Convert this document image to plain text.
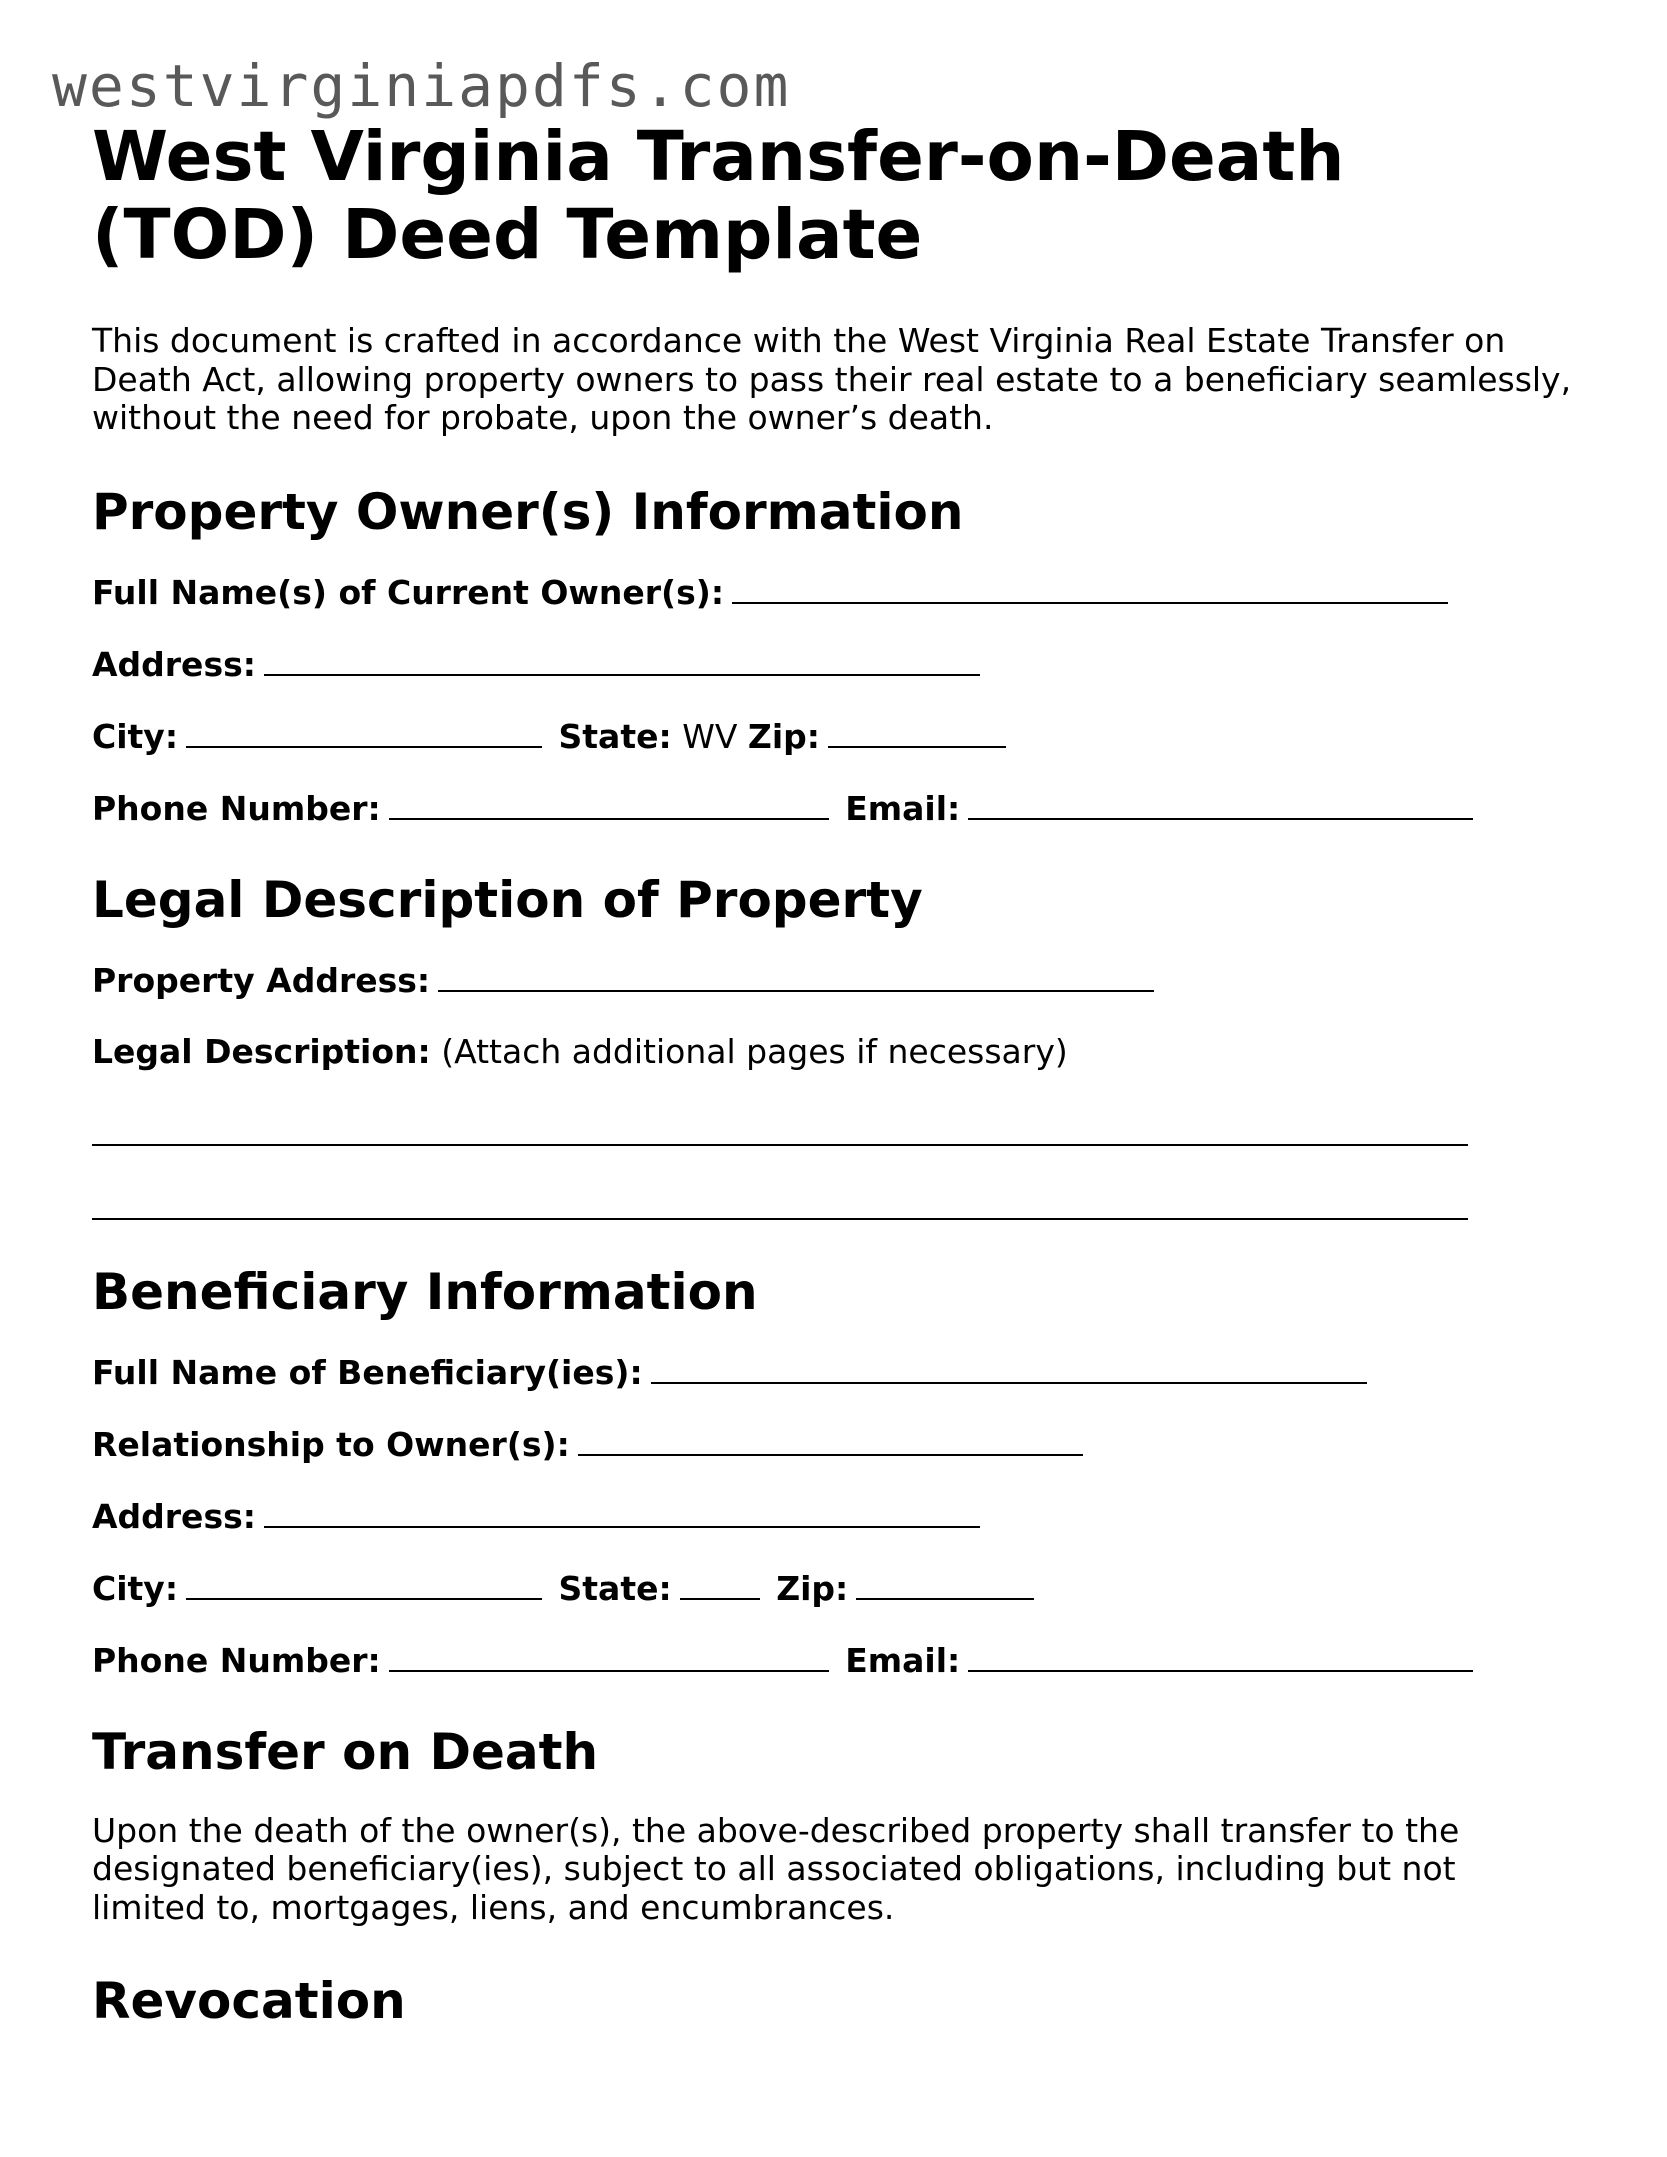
westvirginiapdfs.com
West Virginia Transfer-on-Death (TOD) Deed Template

This document is crafted in accordance with the West Virginia Real Estate Transfer on Death Act, allowing property owners to pass their real estate to a beneficiary seamlessly, without the need for probate, upon the owner’s death.

Property Owner(s) Information
Full Name(s) of Current Owner(s):
Address:
City:	State: WV Zip:
Phone Number:	Email:
Legal Description of Property
Property Address:
Legal Description: (Attach additional pages if necessary)
Beneficiary Information
Full Name of Beneficiary(ies):
Relationship to Owner(s):
Address:
City:	State:	Zip:
Phone Number:	Email:
Transfer on Death

Upon the death of the owner(s), the above-described property shall transfer to the designated beneficiary(ies), subject to all associated obligations, including but not limited to, mortgages, liens, and encumbrances.

Revocation
